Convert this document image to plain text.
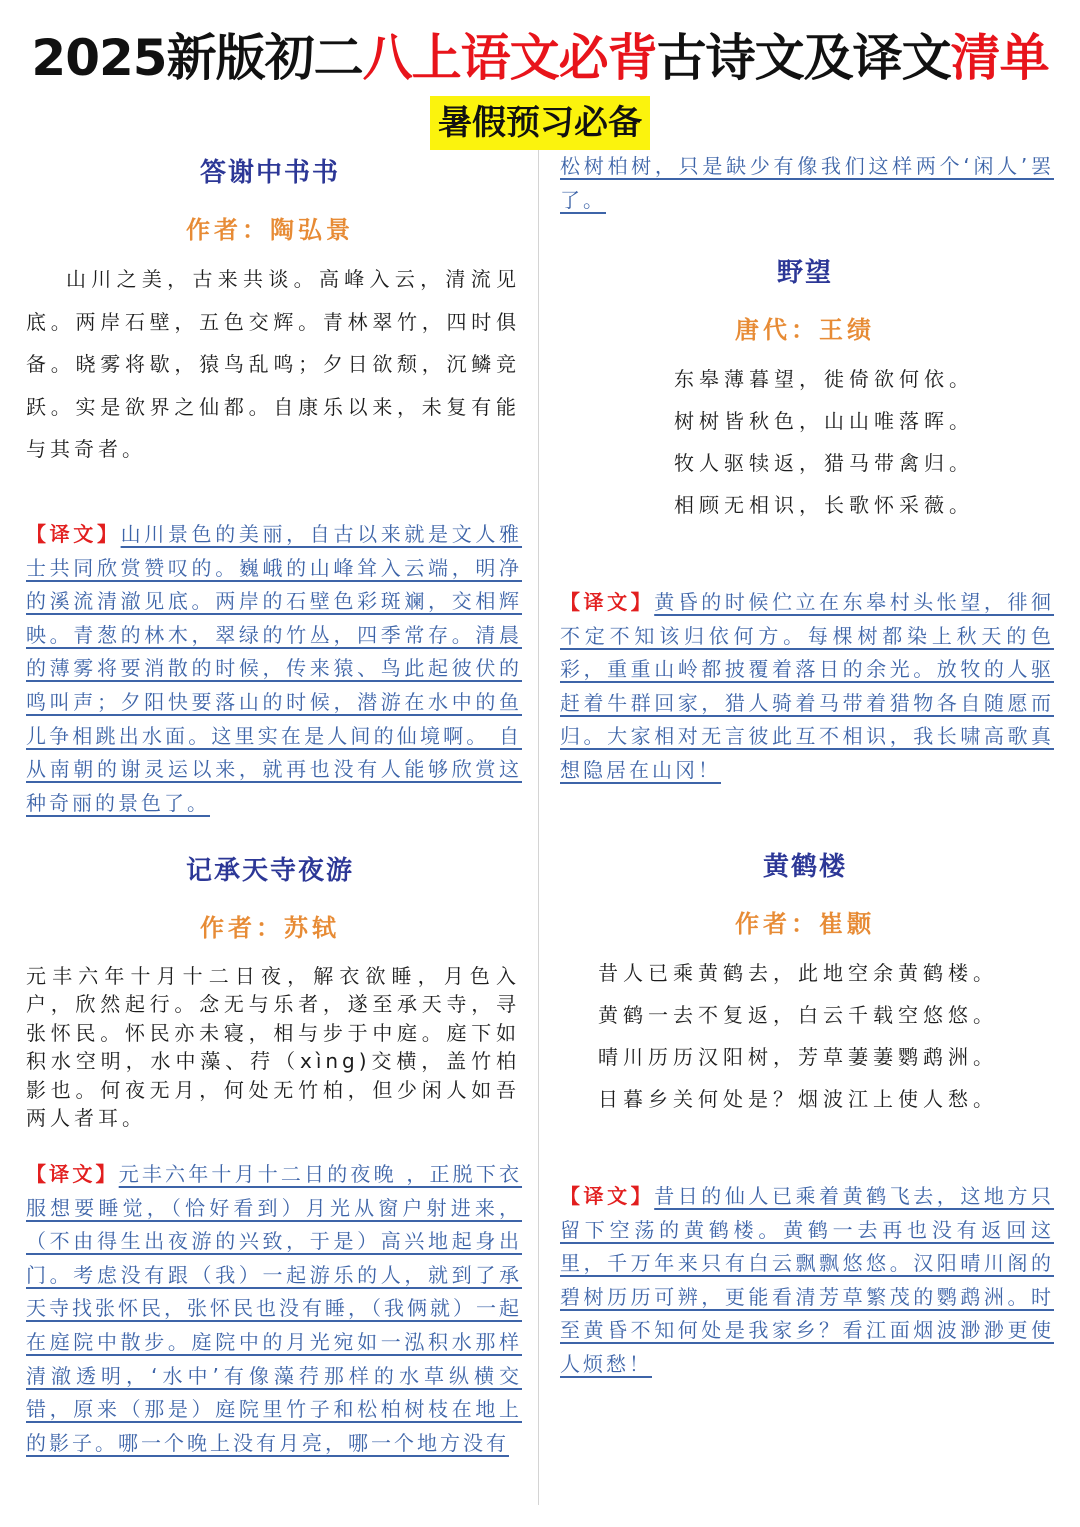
2025新版初二八上语文必背古诗文及译文清单
暑假预习必备
答谢中书书
作者：陶弘景
山川之美，古来共谈。高峰入云，清流见底。两岸石壁，五色交辉。青林翠竹，四时俱备。晓雾将歇，猿鸟乱鸣；夕日欲颓，沉鳞竞跃。实是欲界之仙都。自康乐以来，未复有能与其奇者。
【译文】山川景色的美丽，自古以来就是文人雅士共同欣赏赞叹的。巍峨的山峰耸入云端，明净的溪流清澈见底。两岸的石壁色彩斑斓，交相辉映。青葱的林木，翠绿的竹丛，四季常存。清晨的薄雾将要消散的时候，传来猿、鸟此起彼伏的鸣叫声；夕阳快要落山的时候，潜游在水中的鱼儿争相跳出水面。这里实在是人间的仙境啊。 自从南朝的谢灵运以来，就再也没有人能够欣赏这种奇丽的景色了。
记承天寺夜游
作者：苏轼
元丰六年十月十二日夜，解衣欲睡，月色入户，欣然起行。念无与乐者，遂至承天寺，寻张怀民。怀民亦未寝，相与步于中庭。庭下如积水空明，水中藻、荇（xìng)交横，盖竹柏影也。何夜无月，何处无竹柏，但少闲人如吾两人者耳。
【译文】元丰六年十月十二日的夜晚 ，正脱下衣服想要睡觉，（恰好看到）月光从窗户射进来，（不由得生出夜游的兴致，于是）高兴地起身出门。考虑没有跟（我）一起游乐的人，就到了承天寺找张怀民，张怀民也没有睡，（我俩就）一起在庭院中散步。庭院中的月光宛如一泓积水那样清澈透明，‘水中’有像藻荇那样的水草纵横交错，原来（那是）庭院里竹子和松柏树枝在地上的影子。哪一个晚上没有月亮，哪一个地方没有
松树柏树，只是缺少有像我们这样两个‘闲人’罢了。
野望
唐代：王绩
东皋薄暮望，徙倚欲何依。
树树皆秋色，山山唯落晖。
牧人驱犊返，猎马带禽归。
相顾无相识，长歌怀采薇。
【译文】黄昏的时候伫立在东皋村头怅望，徘徊不定不知该归依何方。每棵树都染上秋天的色彩，重重山岭都披覆着落日的余光。放牧的人驱赶着牛群回家，猎人骑着马带着猎物各自随愿而归。大家相对无言彼此互不相识，我长啸高歌真想隐居在山冈！
黄鹤楼
作者：崔颢
昔人已乘黄鹤去，此地空余黄鹤楼。
黄鹤一去不复返，白云千载空悠悠。
晴川历历汉阳树，芳草萋萋鹦鹉洲。
日暮乡关何处是？烟波江上使人愁。
【译文】昔日的仙人已乘着黄鹤飞去，这地方只留下空荡的黄鹤楼。黄鹤一去再也没有返回这里，千万年来只有白云飘飘悠悠。汉阳晴川阁的碧树历历可辨，更能看清芳草繁茂的鹦鹉洲。时至黄昏不知何处是我家乡？看江面烟波渺渺更使人烦愁！
